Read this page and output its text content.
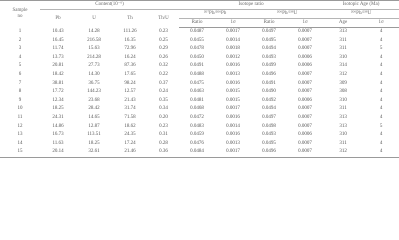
Sample
no	Content(10⁻⁶)				Isotope ratio				Isotopic Age (Ma)	
	Pb	U	Th	Th/U	²⁰⁷Pb/²⁰⁶Pb		²⁰⁶Pb/²³⁸U		²⁰⁶Pb/²³⁸U	
					Ratio	1σ	Ratio	1σ	Age	1σ
1	10.43	14.28	111.26	0.23	0.0487	0.0017	0.0497	0.0007	313	4
2	16.45	216.58	16.35	0.25	0.0455	0.0014	0.0495	0.0007	311	4
3	11.74	15.63	72.96	0.29	0.0478	0.0018	0.0494	0.0007	311	5
4	13.73	214.28	16.24	0.26	0.0450	0.0012	0.0493	0.0006	310	4
5	20.81	27.73	87.36	0.32	0.0491	0.0016	0.0499	0.0006	314	4
6	18.42	14.30	17.65	0.22	0.0488	0.0013	0.0496	0.0007	312	4
7	38.81	36.75	98.24	0.37	0.0475	0.0016	0.0491	0.0007	309	4
8	17.72	144.23	12.57	0.24	0.0463	0.0015	0.0490	0.0007	308	4
9	12.34	23.68	21.43	0.35	0.0481	0.0015	0.0492	0.0006	310	4
10	18.25	28.42	31.74	0.34	0.0468	0.0017	0.0494	0.0007	311	4
11	24.31	14.65	71.58	0.20	0.0472	0.0016	0.0497	0.0007	313	4
12	14.86	12.87	18.62	0.23	0.0483	0.0014	0.0498	0.0007	313	5
13	16.73	113.51	24.35	0.31	0.0459	0.0016	0.0493	0.0006	310	4
14	11.63	18.25	17.24	0.28	0.0476	0.0013	0.0495	0.0007	311	4
15	20.14	32.61	21.46	0.36	0.0484	0.0017	0.0496	0.0007	312	4
